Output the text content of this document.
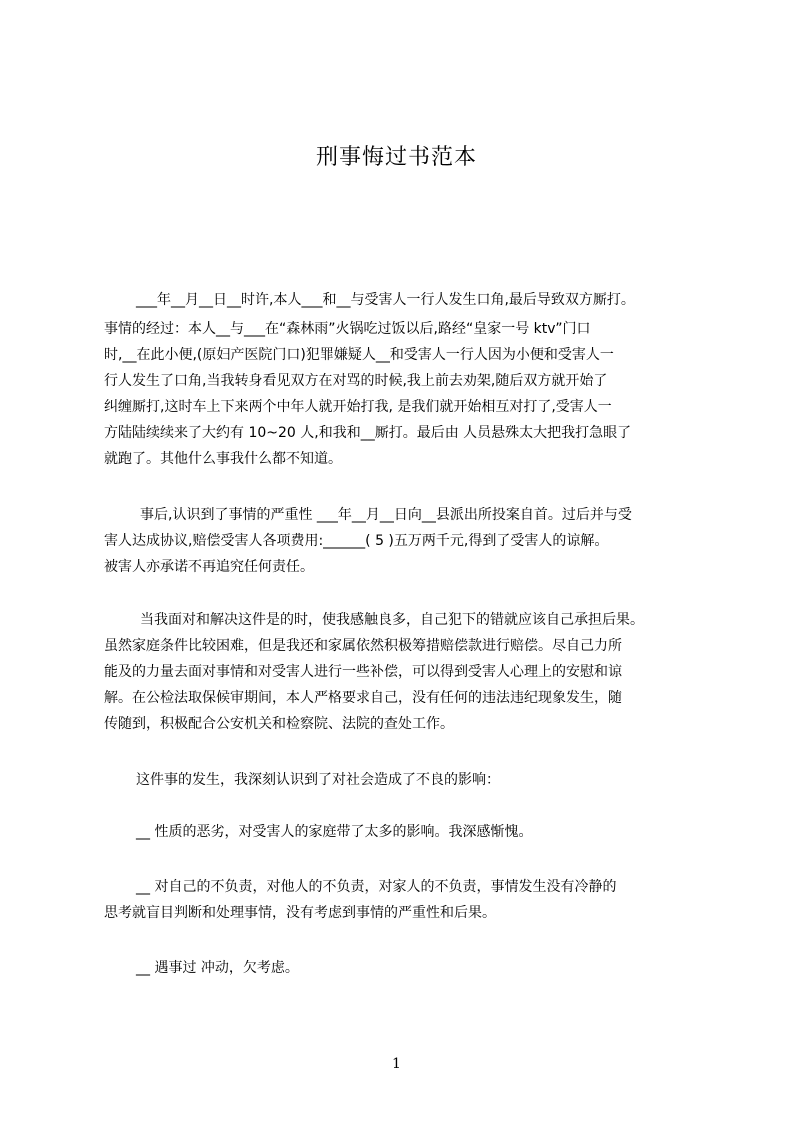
刑事悔过书范本
___年__月__日__时许,本人___和__与受害人一行人发生口角,最后导致双方厮打。
事情的经过：本人__与___在“森林雨”火锅吃过饭以后,路经“皇家一号 ktv”门口
时,__在此小便,(原妇产医院门口)犯罪嫌疑人__和受害人一行人因为小便和受害人一
行人发生了口角,当我转身看见双方在对骂的时候,我上前去劝架,随后双方就开始了
纠缠厮打,这时车上下来两个中年人就开始打我, 是我们就开始相互对打了,受害人一
方陆陆续续来了大约有 10~20 人,和我和__厮打。最后由 人员悬殊太大把我打急眼了
就跑了。其他什么事我什么都不知道。
事后,认识到了事情的严重性 ___年__月__日向__县派出所投案自首。过后并与受
害人达成协议,赔偿受害人各项费用:______( 5 )五万两千元,得到了受害人的谅解。
被害人亦承诺不再追究任何责任。
当我面对和解决这件是的时，使我感触良多，自己犯下的错就应该自己承担后果。
虽然家庭条件比较困难，但是我还和家属依然积极筹措赔偿款进行赔偿。尽自己力所
能及的力量去面对事情和对受害人进行一些补偿，可以得到受害人心理上的安慰和谅
解。在公检法取保候审期间，本人严格要求自己，没有任何的违法违纪现象发生，随
传随到，积极配合公安机关和检察院、法院的查处工作。
这件事的发生，我深刻认识到了对社会造成了不良的影响：
__ 性质的恶劣，对受害人的家庭带了太多的影响。我深感惭愧。
__ 对自己的不负责，对他人的不负责，对家人的不负责，事情发生没有冷静的
思考就盲目判断和处理事情，没有考虑到事情的严重性和后果。
__ 遇事过 冲动，欠考虑。
1
